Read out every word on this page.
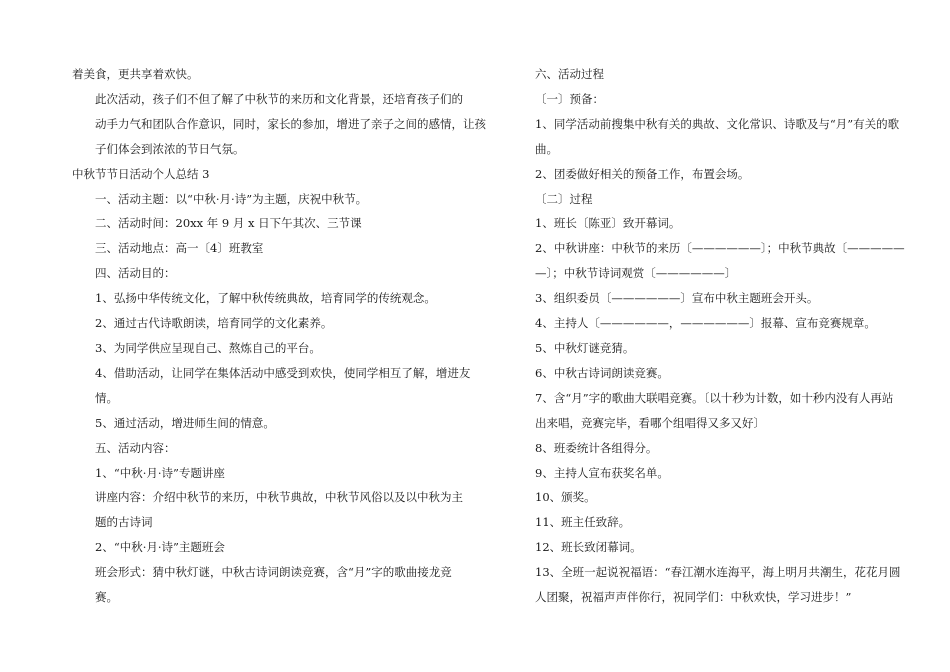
着美食，更共享着欢快。
此次活动，孩子们不但了解了中秋节的来历和文化背景，还培育孩子们的
动手力气和团队合作意识，同时，家长的参加，增进了亲子之间的感情，让孩
子们体会到浓浓的节日气氛。
中秋节节日活动个人总结 3
一、活动主题：以“中秋·月·诗”为主题，庆祝中秋节。
二、活动时间：20xx 年 9 月 x 日下午其次、三节课
三、活动地点：高一〔4〕班教室
四、活动目的：
1、弘扬中华传统文化，了解中秋传统典故，培育同学的传统观念。
2、通过古代诗歌朗读，培育同学的文化素养。
3、为同学供应呈现自己、熬炼自己的平台。
4、借助活动，让同学在集体活动中感受到欢快，使同学相互了解，增进友
情。
5、通过活动，增进师生间的情意。
五、活动内容：
1、“中秋·月·诗”专题讲座
讲座内容：介绍中秋节的来历，中秋节典故，中秋节风俗以及以中秋为主
题的古诗词
2、“中秋·月·诗”主题班会
班会形式：猜中秋灯谜，中秋古诗词朗读竞赛，含“月”字的歌曲接龙竞
赛。
六、活动过程
〔一〕预备：
1、同学活动前搜集中秋有关的典故、文化常识、诗歌及与“月”有关的歌
曲。
2、团委做好相关的预备工作，布置会场。
〔二〕过程
1、班长〔陈亚〕致开幕词。
2、中秋讲座：中秋节的来历〔——————〕；中秋节典故〔—————
—〕；中秋节诗词观赏〔——————〕
3、组织委员〔——————〕宣布中秋主题班会开头。
4、主持人〔——————，——————〕报幕、宣布竞赛规章。
5、中秋灯谜竞猜。
6、中秋古诗词朗读竞赛。
7、含“月”字的歌曲大联唱竞赛。〔以十秒为计数，如十秒内没有人再站
出来唱，竞赛完毕，看哪个组唱得又多又好〕
8、班委统计各组得分。
9、主持人宣布获奖名单。
10、颁奖。
11、班主任致辞。
12、班长致闭幕词。
13、全班一起说祝福语：“春江潮水连海平，海上明月共潮生，花花月圆
人团聚，祝福声声伴你行，祝同学们：中秋欢快，学习进步！”
